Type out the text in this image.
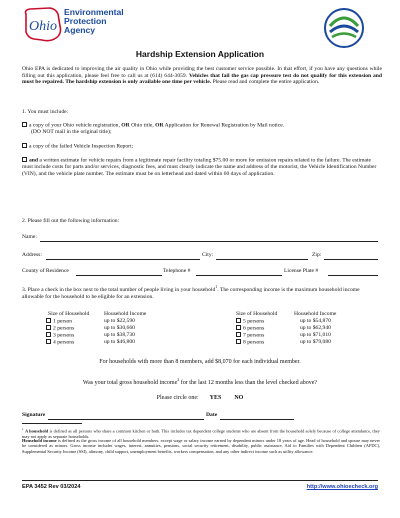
Ohio
Environmental
Protection
Agency
Hardship Extension Application
Ohio EPA is dedicated to improving the air quality in Ohio while providing the best customer service possible. In that effort, if you have any questions while filling out this application, please feel free to call us at (614) 644-3059. Vehicles that fail the gas cap pressure test do not qualify for this extension and must be repaired. The hardship extension is only available one time per vehicle. Please read and complete the entire application.
1. You must include:
a copy of your Ohio vehicle registration, OR Ohio title, OR Application for Renewal Registration by Mail notice.
(DO NOT mail in the original title);
a copy of the failed Vehicle Inspection Report;
and a written estimate for vehicle repairs from a legitimate repair facility totaling $75.00 or more for emission repairs related to the failure. The estimate must include costs for parts and/or services, diagnostic fees, and must clearly indicate the name and address of the motorist, the Vehicle Identification Number (VIN), and the vehicle plate number. The estimate must be on letterhead and dated within 60 days of application.
2. Please fill out the following information:
Name:
Address:	City:	Zip:
County of Residence	Telephone #	License Plate #
3. Place a check in the box next to the total number of people living in your household$^1$. The corresponding income is the maximum household income allowable for the household to be eligible for an extension.
Size of Household	Household Income
1 person	up to $22,590
2 persons	up to $30,660
3 persons	up to $38,730
4 persons	up to $46,800
Size of Household	Household Income
5 persons	up to $54,870
6 persons	up to $62,940
7 persons	up to $71,010
8 persons	up to $79,080
For households with more than 8 members, add $8,070 for each individual member.
Was your total gross household income$^2$ for the last 12 months less than the level checked above?
Please circle one: YES NO
Signature	Date
$^1$ A household is defined as all persons who share a common kitchen or bath. This includes tax dependent college students who are absent from the household solely because of college attendance, they may not apply as separate households.
Household income is defined as the gross income of all household members, except wage or salary income earned by dependent minors under 18 years of age. Head of household and spouse may never be considered as minors. Gross income includes wages, interest, annuities, pensions, social security retirement, disability, public assistance, Aid to Families with Dependent Children (AFDC), Supplemental Security Income (SSI), alimony, child support, unemployment benefits, workers compensation, and any other indirect income such as utility allowance.
EPA 3452 Rev 03/2024	http://www.ohioecheck.org
